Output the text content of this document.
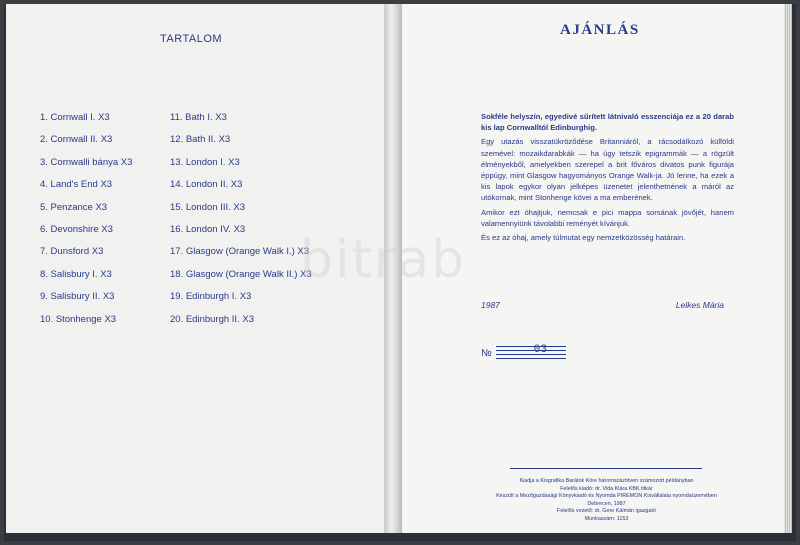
TARTALOM
1. Cornwall I. X3
2. Cornwall II. X3
3. Cornwalli bánya X3
4. Land's End X3
5. Penzance X3
6. Devonshire X3
7. Dunsford X3
8. Salisbury I. X3
9. Salisbury II. X3
10. Stonhenge X3
11. Bath I. X3
12. Bath II. X3
13. London I. X3
14. London II. X3
15. London III. X3
16. London IV. X3
17. Glasgow (Orange Walk I.) X3
18. Glasgow (Orange Walk II.) X3
19. Edinburgh I. X3
20. Edinburgh II. X3
AJÁNLÁS

Sokféle helyszín, egyedivé sűrített látnivaló esszenciája ez a 20 darab kis lap Cornwalltól Edinburghig.

Egy utazás visszatükröződése Britanniáról, a rácsodálkozó külföldi szemével: mozaikdarabkák — ha úgy tetszik epigrammák — a rögzült élményekből, amelyekben szerepel a brit főváros divatos punk figurája éppúgy, mint Glasgow hagyományos Orange Walk-ja. Jó lenne, ha ezek a kis lapok egykor olyan jelképes üzenetet jelenthetnének a máról az utókornak, mint Stonhenge kövei a ma emberének.

Amikor ezt óhajtjuk, nemcsak e pici mappa sorsának jövőjét, hanem valamennyiünk távolabbi reményét kívánjuk.

És ez az óhaj, amely túlmutat egy nemzetközösség határain.

1987	Lelkes Mária
№	03
Kiadja a Kisgrafika Barátok Köre háromszázötven számozott példányban
Felelős kiadó: dr. Vida Klára KBK titkár
Készült a Mezőgazdasági Könyvkiadó és Nyomda PIREMON Kisvállalata nyomdaüzemében
Debrecen, 1987
Felelős vezető: dr. Gere Kálmán igazgató
Munkaszám: 1153
bitrab
